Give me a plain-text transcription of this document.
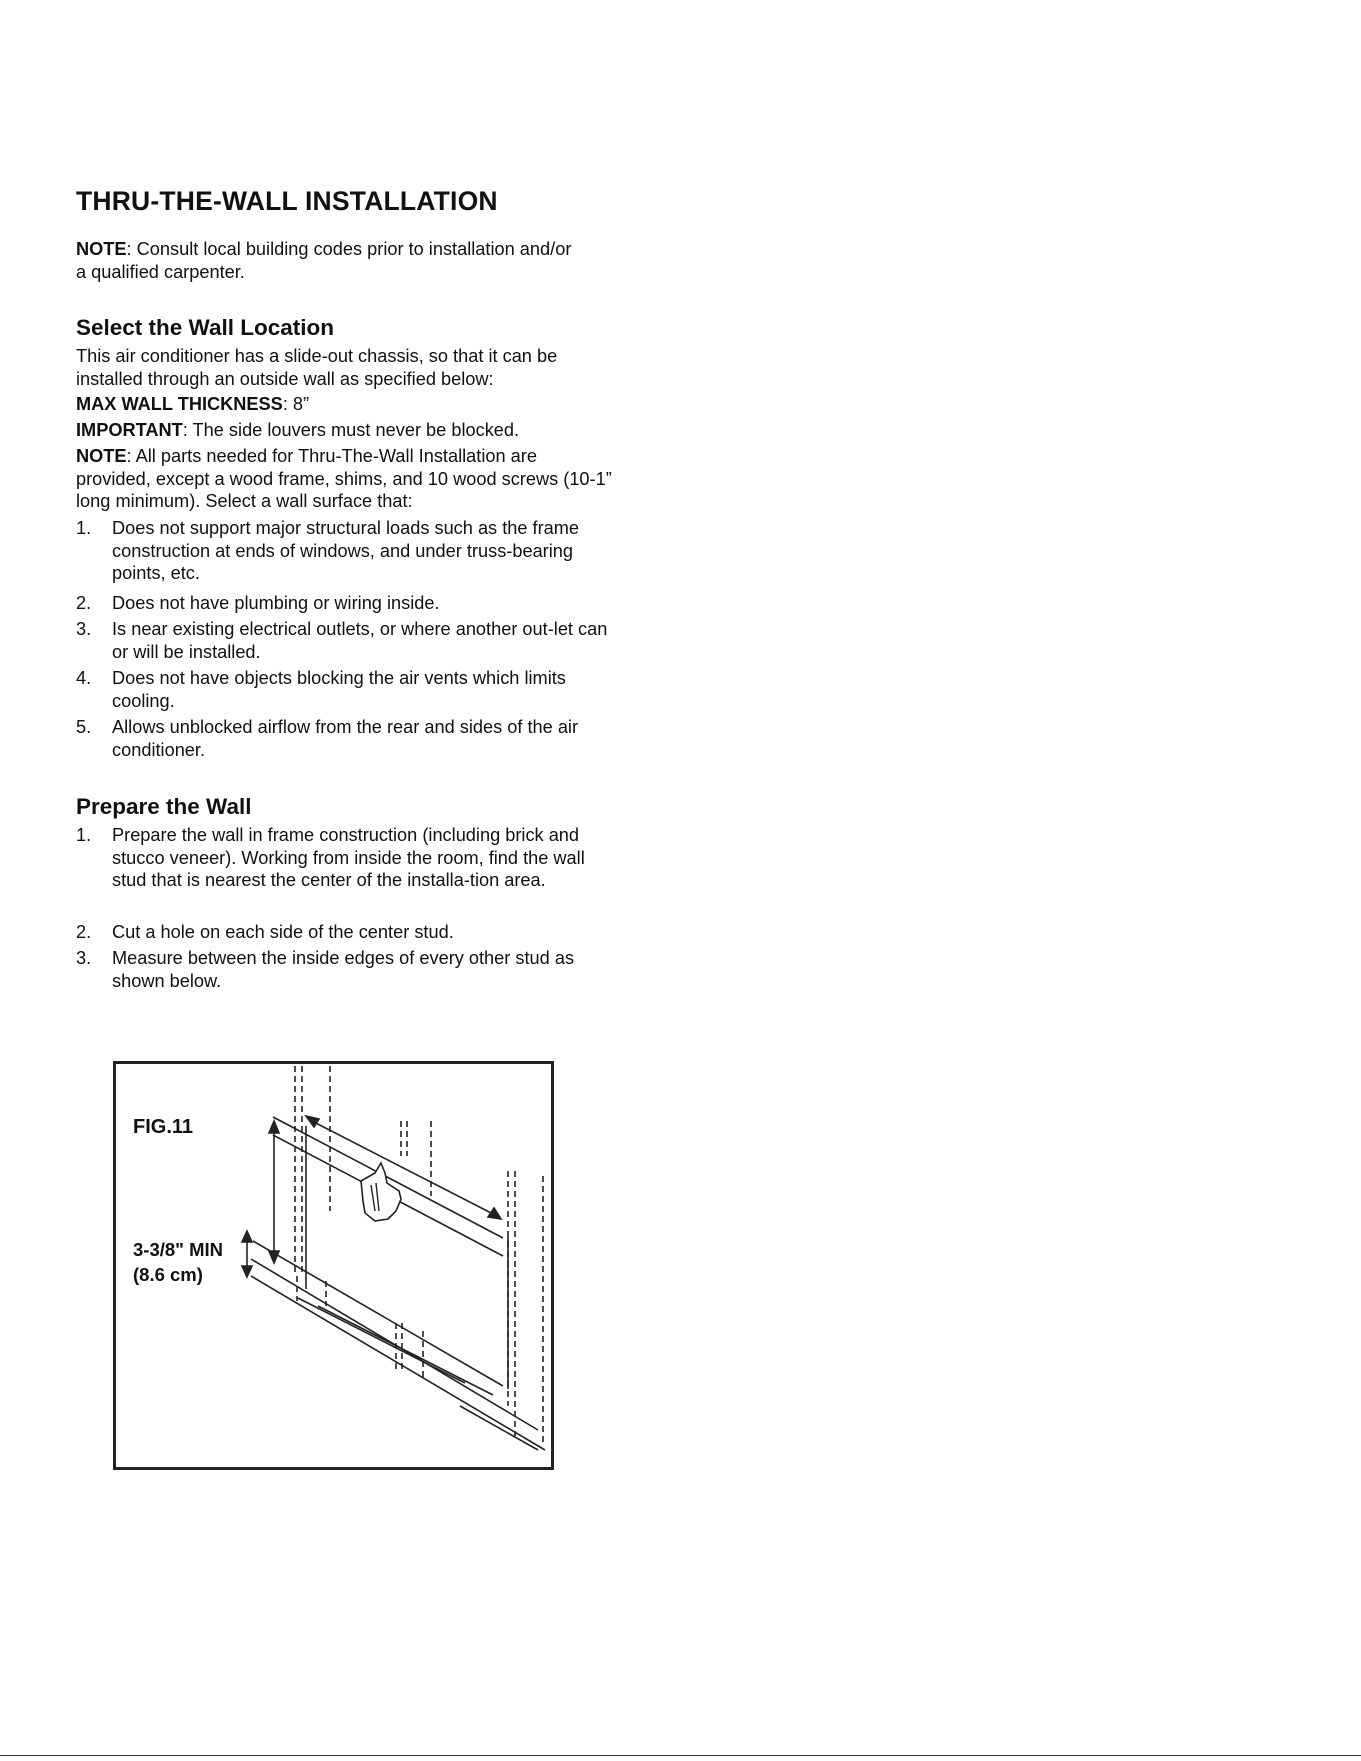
THRU-THE-WALL INSTALLATION

NOTE: Consult local building codes prior to installation and/or a qualified carpenter.

Select the Wall Location

This air conditioner has a slide-out chassis, so that it can be installed through an outside wall as specified below:

MAX WALL THICKNESS: 8”

IMPORTANT: The side louvers must never be blocked.

NOTE: All parts needed for Thru-The-Wall Installation are provided, except a wood frame, shims, and 10 wood screws (10-1” long minimum). Select a wall surface that:

1. Does not support major structural loads such as the frame construction at ends of windows, and under truss-bearing points, etc.
2. Does not have plumbing or wiring inside.
3. Is near existing electrical outlets, or where another out-let can or will be installed.
4. Does not have objects blocking the air vents which limits cooling.
5. Allows unblocked airflow from the rear and sides of the air conditioner.
Prepare the Wall
1. Prepare the wall in frame construction (including brick and stucco veneer). Working from inside the room, find the wall stud that is nearest the center of the installa-tion area.
2. Cut a hole on each side of the center stud.
3. Measure between the inside edges of every other stud as shown below.
FIG.11
3-3/8" MIN
(8.6 cm)
